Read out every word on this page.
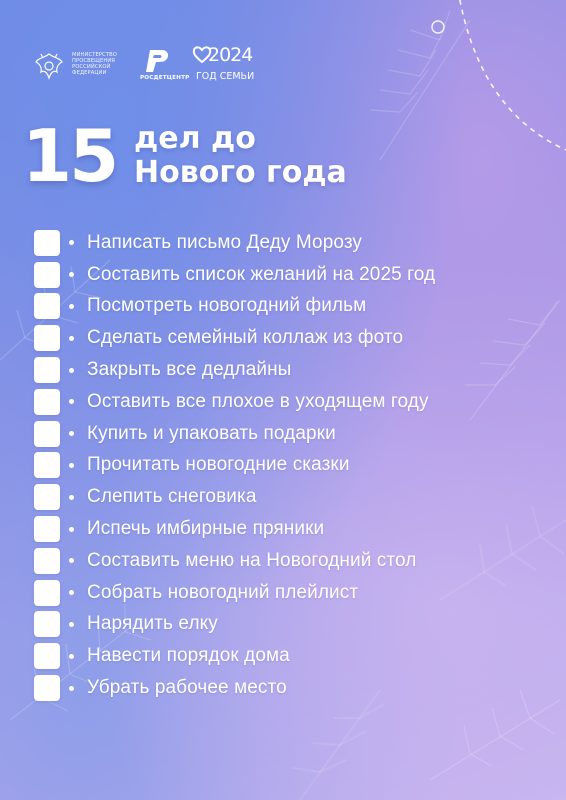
МИНИСТЕРСТВО ПРОСВЕЩЕНИЯ РОССИЙСКОЙ ФЕДЕРАЦИИ
РОСДЕТЦЕНТР
2024
ГОД СЕМЬИ
15 дел до
Нового года
Написать письмо Деду Морозу
Составить список желаний на 2025 год
Посмотреть новогодний фильм
Сделать семейный коллаж из фото
Закрыть все дедлайны
Оставить все плохое в уходящем году
Купить и упаковать подарки
Прочитать новогодние сказки
Слепить снеговика
Испечь имбирные пряники
Составить меню на Новогодний стол
Собрать новогодний плейлист
Нарядить елку
Навести порядок дома
Убрать рабочее место
